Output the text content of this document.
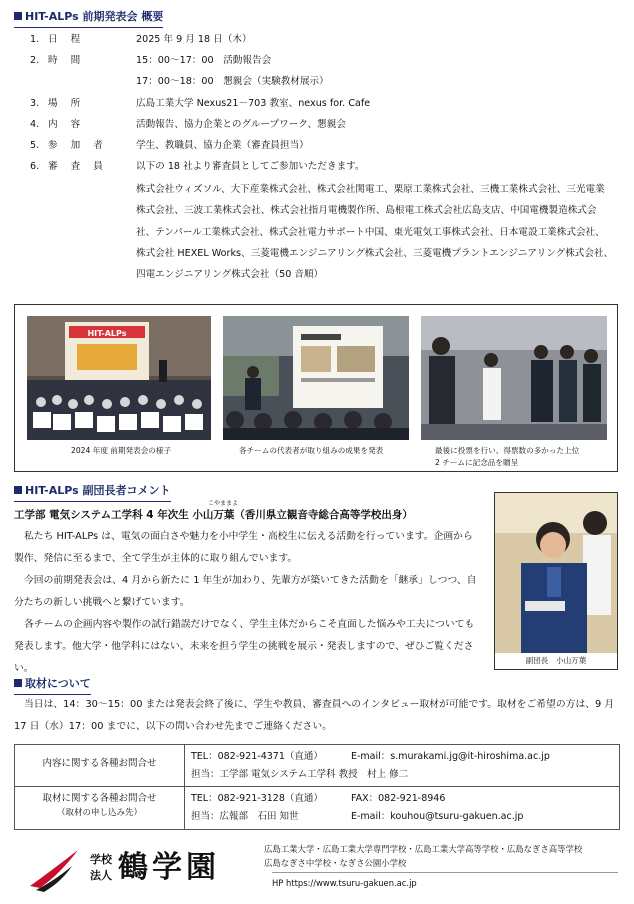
HIT-ALPs 前期発表会 概要
1. 日 程	2025 年 9 月 18 日（木）
2. 時 間	15：00～17：00　活動報告会
17：00～18：00　懇親会（実験教材展示）
3. 場 所	広島工業大学 Nexus21－703 教室、nexus for. Cafe
4. 内 容	活動報告、協力企業とのグループワーク、懇親会
5. 参 加 者	学生、教職員、協力企業（審査員担当）
6. 審 査 員	以下の 18 社より審査員としてご参加いただきます。
株式会社ウィズソル、大下産業株式会社、株式会社関電工、栗原工業株式会社、三機工業株式会社、三光電業株式会社、三波工業株式会社、株式会社指月電機製作所、島根電工株式会社広島支店、中国電機製造株式会社、テンパール工業株式会社、株式会社電力サポート中国、東光電気工事株式会社、日本電設工業株式会社、株式会社 HEXEL Works、三菱電機エンジニアリング株式会社、三菱電機プラントエンジニアリング株式会社、四電エンジニアリング株式会社（50 音順）
HIT-ALPs
2024 年度 前期発表会の様子	各チームの代表者が取り組みの成果を発表	最後に投票を行い、得票数の多かった上位
2 チームに記念品を贈呈
HIT-ALPs 副団長者コメント
こやままよ
工学部 電気システム工学科 4 年次生 小山万葉（香川県立観音寺総合高等学校出身）

私たち HIT-ALPs は、電気の面白さや魅力を小中学生・高校生に伝える活動を行っています。企画から製作、発信に至るまで、全て学生が主体的に取り組んでいます。

今回の前期発表会は、4 月から新たに 1 年生が加わり、先輩方が築いてきた活動を「継承」しつつ、自分たちの新しい挑戦へと繋げています。

各チームの企画内容や製作の試行錯誤だけでなく、学生主体だからこそ直面した悩みや工夫についても発表します。他大学・他学科にはない、未来を担う学生の挑戦を展示・発表しますので、ぜひご覧ください。

副団長　小山万葉
取材について
当日は、14：30～15：00 または発表会終了後に、学生や教員、審査員へのインタビュー取材が可能です。取材をご希望の方は、9 月 17 日（水）17：00 までに、以下の問い合わせ先までご連絡ください。
内容に関する各種お問合せ
TEL：082-921-4371（直通）	E-mail：s.murakami.jg@it-hiroshima.ac.jp
担当：工学部 電気システム工学科 教授　村上 修二
取材に関する各種お問合せ
（取材の申し込み先）
TEL：082-921-3128（直通）	FAX：082-921-8946
担当：広報部　石田 知世	E-mail：kouhou@tsuru-gakuen.ac.jp
学校
法人 鶴学園
広島工業大学・広島工業大学専門学校・広島工業大学高等学校・広島なぎさ高等学校
広島なぎさ中学校・なぎさ公園小学校
HP https://www.tsuru-gakuen.ac.jp
